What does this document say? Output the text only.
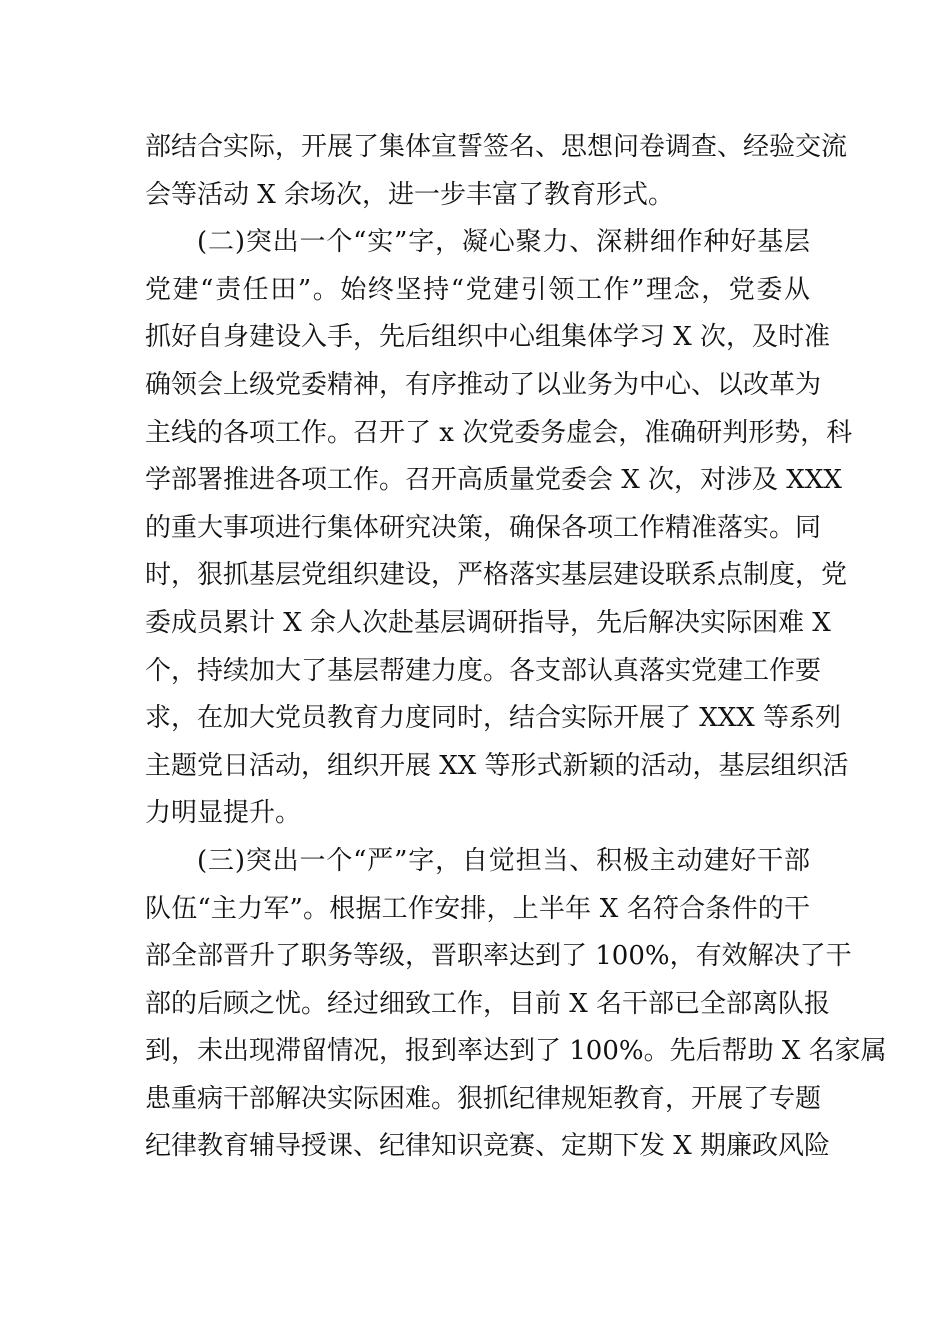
部结合实际，开展了集体宣誓签名、思想问卷调查、经验交流
会等活动 X 余场次，进一步丰富了教育形式。
(二)突出一个“实”字，凝心聚力、深耕细作种好基层
党建“责任田”。始终坚持“党建引领工作”理念，党委从
抓好自身建设入手，先后组织中心组集体学习 X 次，及时准
确领会上级党委精神，有序推动了以业务为中心、以改革为
主线的各项工作。召开了 x 次党委务虚会，准确研判形势，科
学部署推进各项工作。召开高质量党委会 X 次，对涉及 XXX
的重大事项进行集体研究决策，确保各项工作精准落实。同
时，狠抓基层党组织建设，严格落实基层建设联系点制度，党
委成员累计 X 余人次赴基层调研指导，先后解决实际困难 X
个，持续加大了基层帮建力度。各支部认真落实党建工作要
求，在加大党员教育力度同时，结合实际开展了 XXX 等系列
主题党日活动，组织开展 XX 等形式新颖的活动，基层组织活
力明显提升。
(三)突出一个“严”字，自觉担当、积极主动建好干部
队伍“主力军”。根据工作安排，上半年 X 名符合条件的干
部全部晋升了职务等级，晋职率达到了 100%，有效解决了干
部的后顾之忧。经过细致工作，目前 X 名干部已全部离队报
到，未出现滞留情况，报到率达到了 100%。先后帮助 X 名家属
患重病干部解决实际困难。狠抓纪律规矩教育，开展了专题
纪律教育辅导授课、纪律知识竞赛、定期下发 X 期廉政风险
